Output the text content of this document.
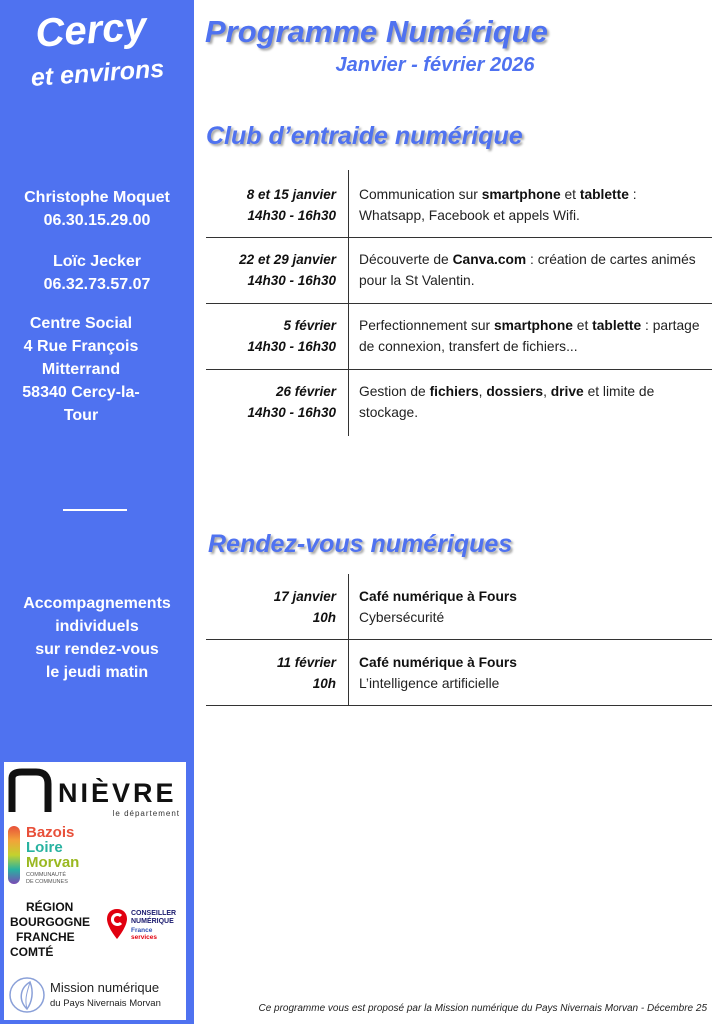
Cercy
et environs
Christophe Moquet
06.30.15.29.00
Loïc Jecker
06.32.73.57.07
Centre Social
4 Rue François
Mitterrand
58340 Cercy-la-
Tour
Accompagnements
individuels
sur rendez-vous
le jeudi matin
NIÈVRE
le département
Bazois
Loire
Morvan
COMMUNAUTÉ
DE COMMUNES
RÉGION
BOURGOGNE
FRANCHE
COMTÉ
CONSEILLER
NUMÉRIQUE
France
services
Mission numérique
du Pays Nivernais Morvan
Programme Numérique
Janvier - février 2026
Club d’entraide numérique
8 et 15 janvier
14h30 - 16h30
Communication sur smartphone et tablette : Whatsapp, Facebook et appels Wifi.
22 et 29 janvier
14h30 - 16h30
Découverte de Canva.com : création de cartes animés pour la St Valentin.
5 février
14h30 - 16h30
Perfectionnement sur smartphone et tablette : partage de connexion, transfert de fichiers...
26 février
14h30 - 16h30
Gestion de fichiers, dossiers, drive et limite de stockage.
Rendez-vous numériques
17 janvier
10h
Café numérique à Fours
Cybersécurité
11 février
10h
Café numérique à Fours
L’intelligence artificielle
Ce programme vous est proposé par la Mission numérique du Pays Nivernais Morvan - Décembre 25
